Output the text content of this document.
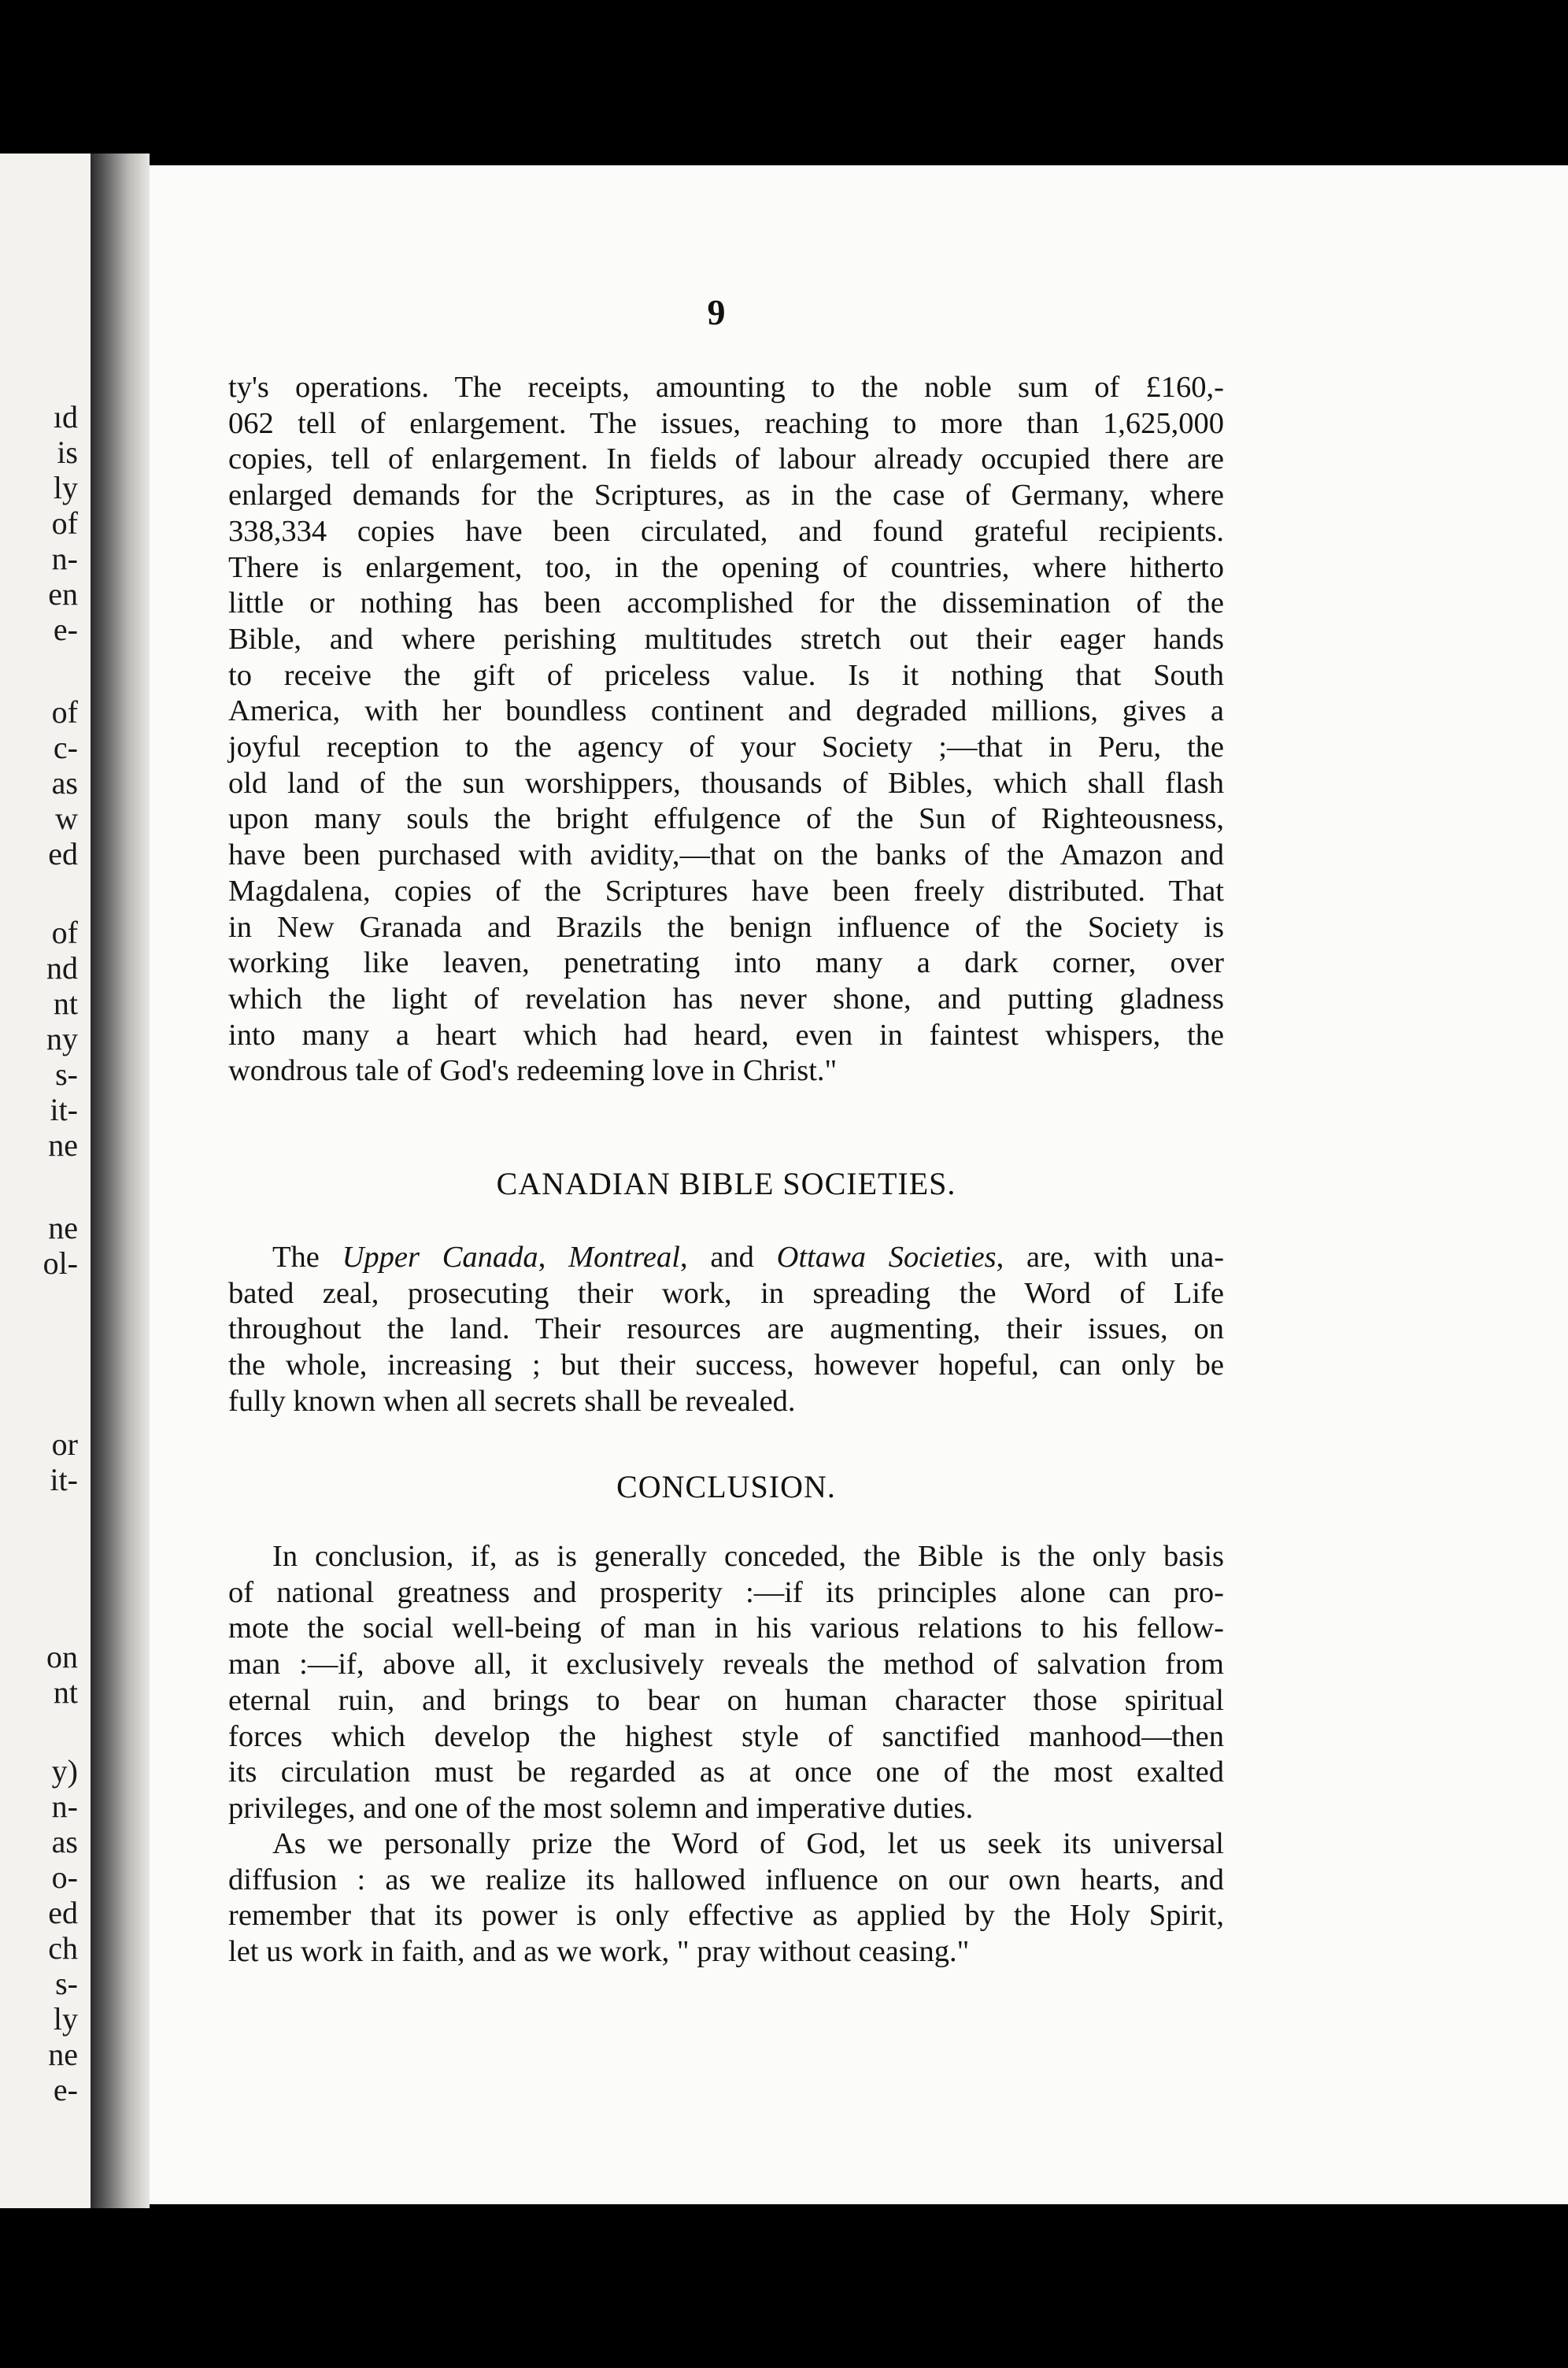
ıd
is
ly
of
n-
en
e-
of
c-
as
w
ed
of
nd
nt
ny
s-
it-
ne
ne
ol-
or
it-
on
nt
y)
n-
as
o-
ed
ch
s-
ly
ne
e-
9
ty's operations. The receipts, amounting to the noble sum of £160,-
062 tell of enlargement. The issues, reaching to more than 1,625,000
copies, tell of enlargement. In fields of labour already occupied there are
enlarged demands for the Scriptures, as in the case of Germany, where
338,334 copies have been circulated, and found grateful recipients.
There is enlargement, too, in the opening of countries, where hitherto
little or nothing has been accomplished for the dissemination of the
Bible, and where perishing multitudes stretch out their eager hands
to receive the gift of priceless value. Is it nothing that South
America, with her boundless continent and degraded millions, gives a
joyful reception to the agency of your Society ;—that in Peru, the
old land of the sun worshippers, thousands of Bibles, which shall flash
upon many souls the bright effulgence of the Sun of Righteousness,
have been purchased with avidity,—that on the banks of the Amazon and
Magdalena, copies of the Scriptures have been freely distributed. That
in New Granada and Brazils the benign influence of the Society is
working like leaven, penetrating into many a dark corner, over
which the light of revelation has never shone, and putting gladness
into many a heart which had heard, even in faintest whispers, the
wondrous tale of God's redeeming love in Christ."
CANADIAN BIBLE SOCIETIES.
The Upper Canada, Montreal, and Ottawa Societies, are, with una-
bated zeal, prosecuting their work, in spreading the Word of Life
throughout the land. Their resources are augmenting, their issues, on
the whole, increasing ; but their success, however hopeful, can only be
fully known when all secrets shall be revealed.
CONCLUSION.
In conclusion, if, as is generally conceded, the Bible is the only basis
of national greatness and prosperity :—if its principles alone can pro-
mote the social well-being of man in his various relations to his fellow-
man :—if, above all, it exclusively reveals the method of salvation from
eternal ruin, and brings to bear on human character those spiritual
forces which develop the highest style of sanctified manhood—then
its circulation must be regarded as at once one of the most exalted
privileges, and one of the most solemn and imperative duties.
As we personally prize the Word of God, let us seek its universal
diffusion : as we realize its hallowed influence on our own hearts, and
remember that its power is only effective as applied by the Holy Spirit,
let us work in faith, and as we work, " pray without ceasing."
